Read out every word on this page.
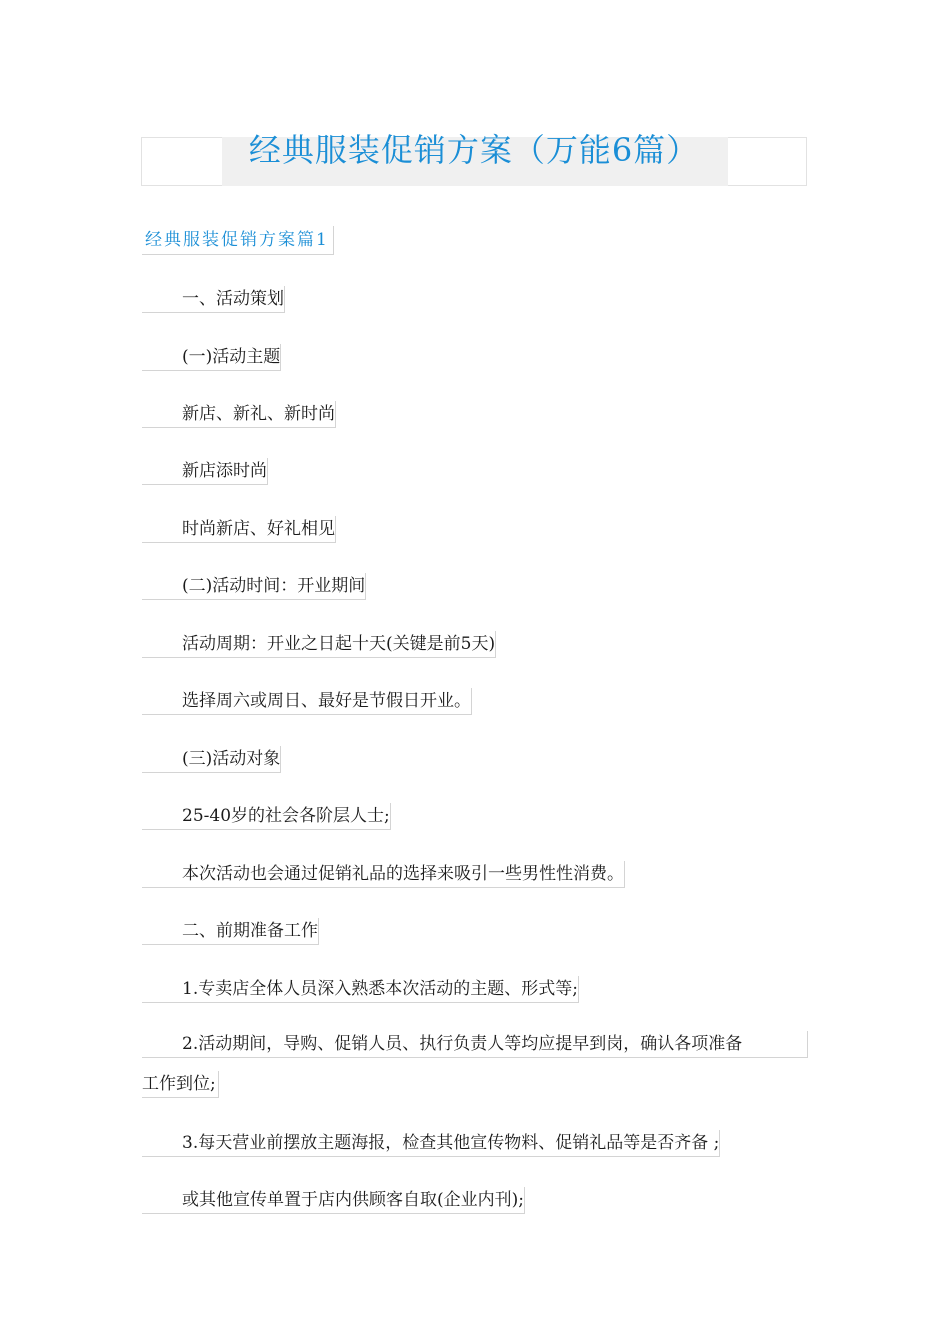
经典服装促销方案（万能6篇）
经典服装促销方案篇1
一、活动策划
(一)活动主题
新店、新礼、新时尚
新店添时尚
时尚新店、好礼相见
(二)活动时间：开业期间
活动周期：开业之日起十天(关键是前5天)
选择周六或周日、最好是节假日开业。
(三)活动对象
25-40岁的社会各阶层人士;
本次活动也会通过促销礼品的选择来吸引一些男性性消费。
二、前期准备工作
1.专卖店全体人员深入熟悉本次活动的主题、形式等;
2.活动期间，导购、促销人员、执行负责人等均应提早到岗，确认各项准备
工作到位;
3.每天营业前摆放主题海报，检查其他宣传物料、促销礼品等是否齐备 ;
或其他宣传单置于店内供顾客自取(企业内刊);
